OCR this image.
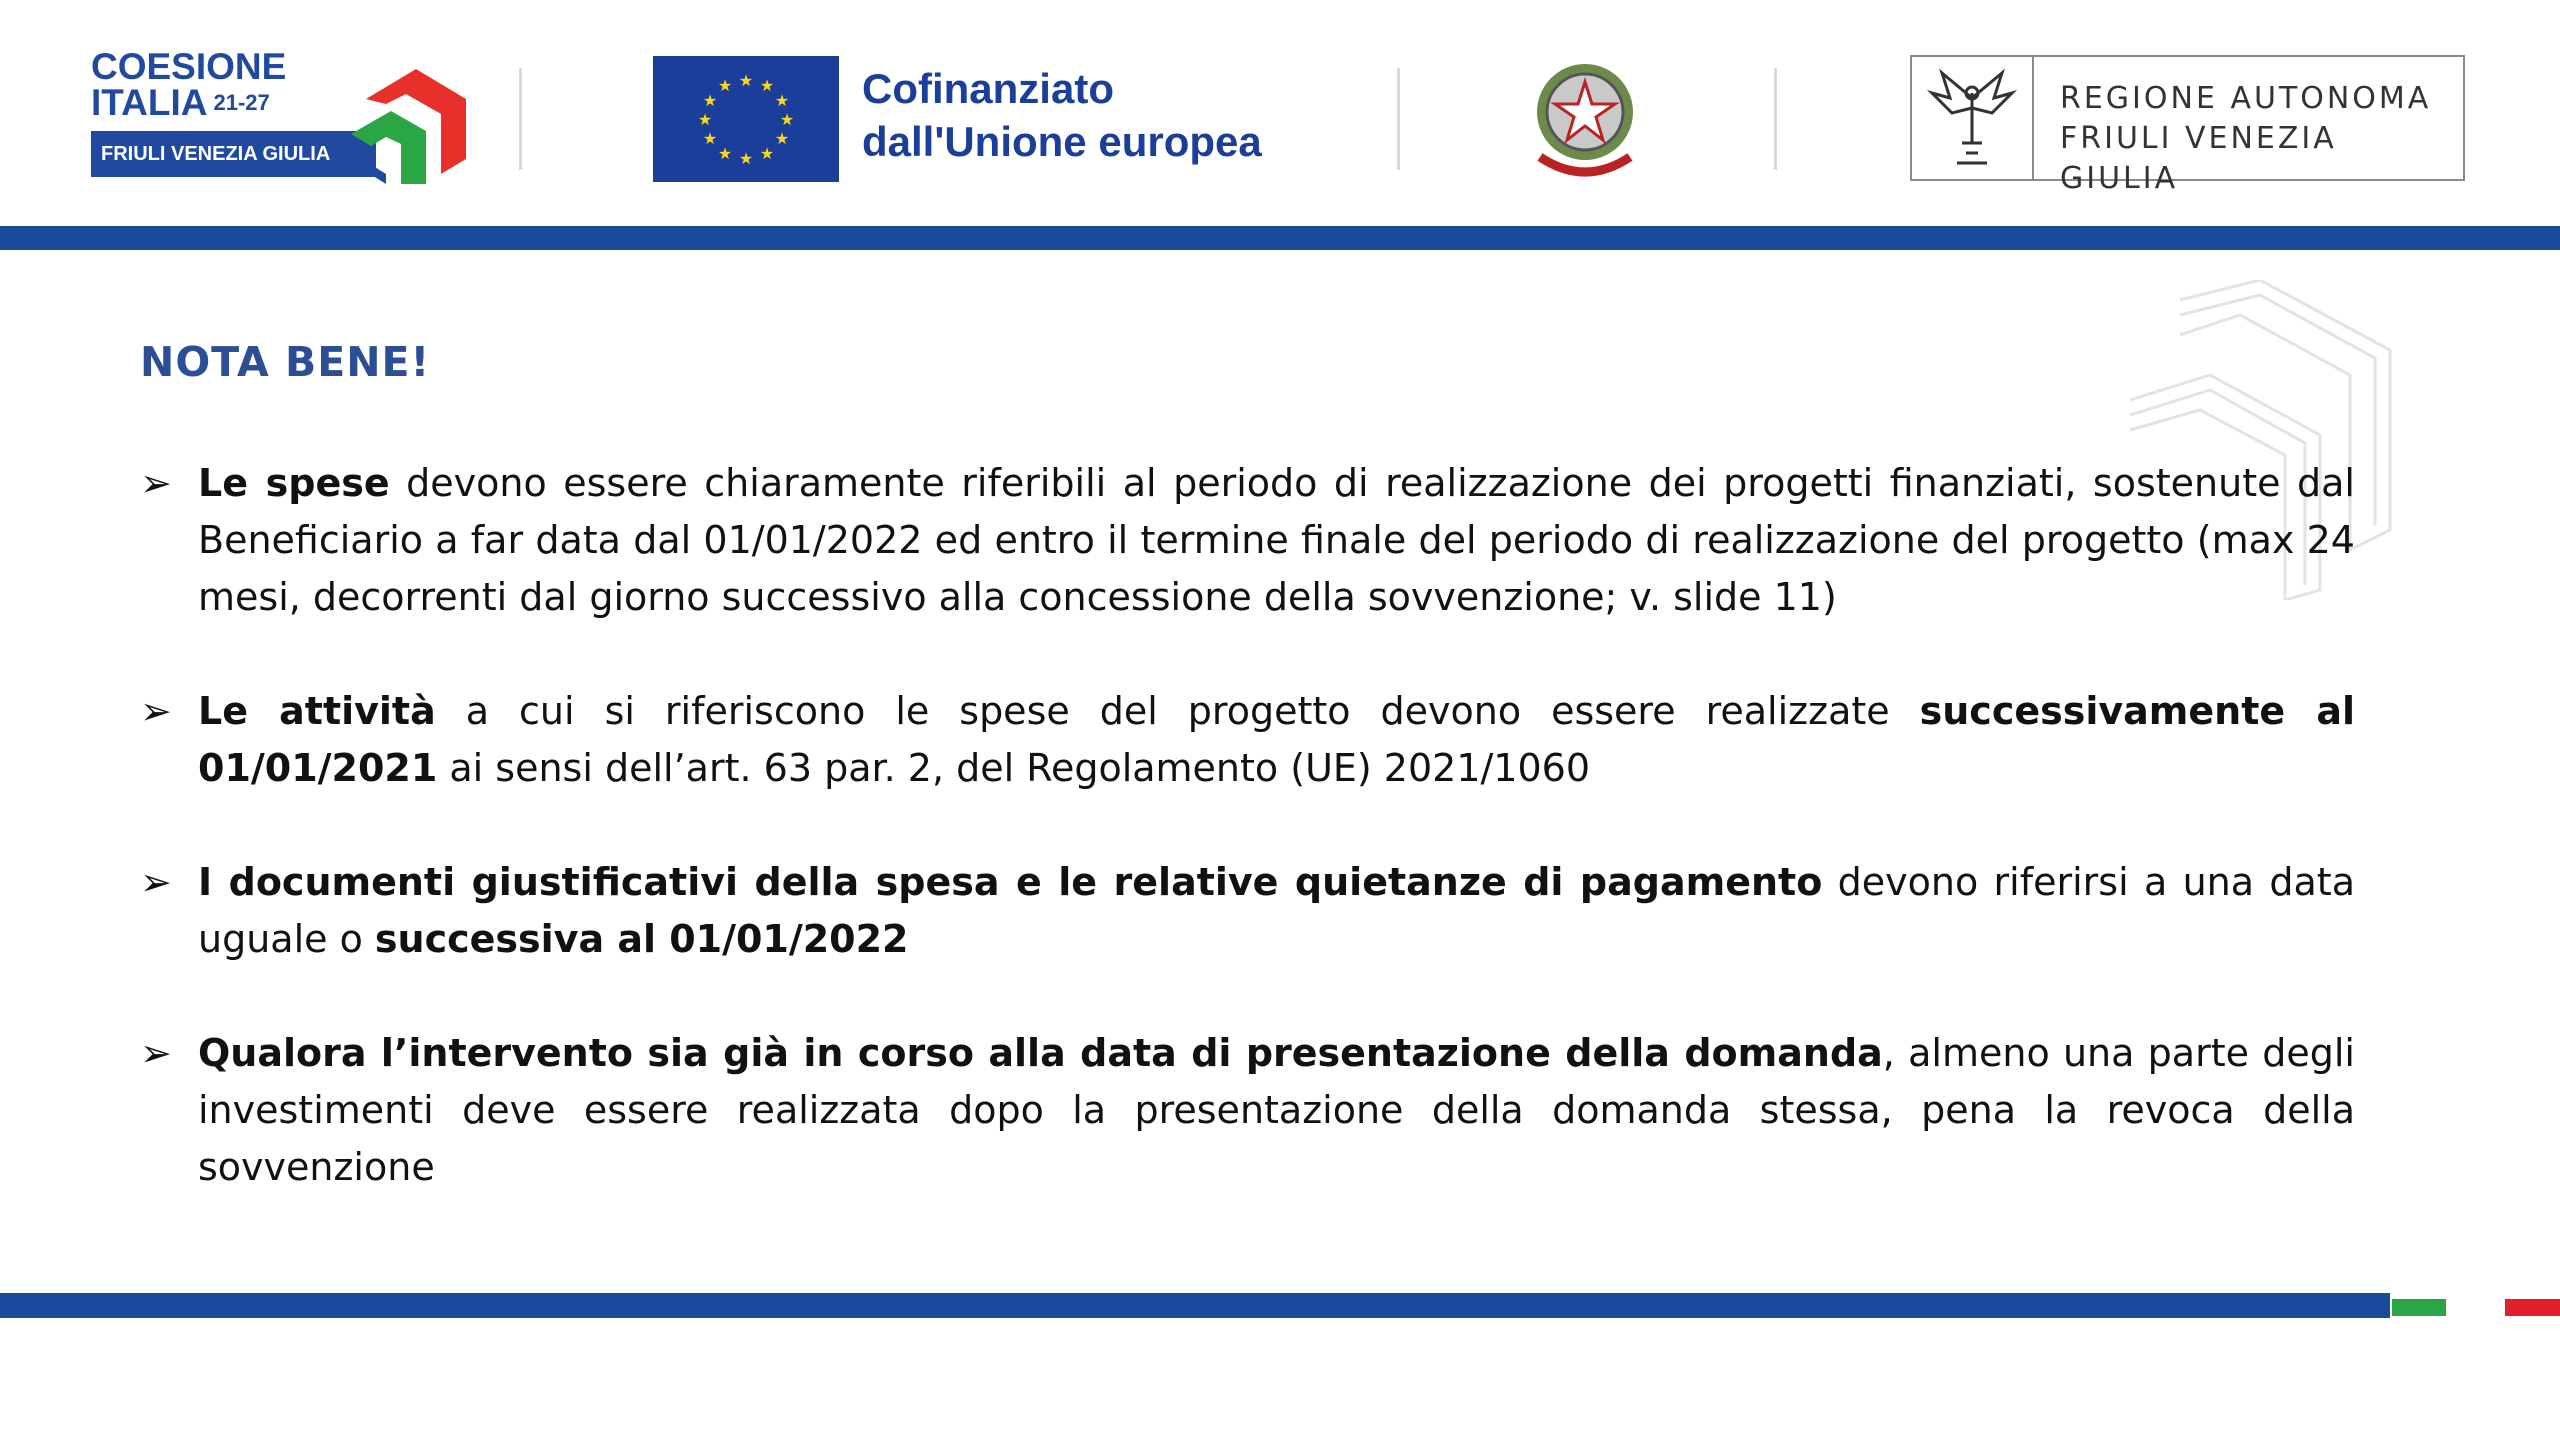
COESIONE
ITALIA $^{21-27}$
FRIULI VENEZIA GIULIA
★ ★
★
★
★
★
★
★
★
★
★
★	Cofinanziato
dall'Unione europea
REGIONE AUTONOMA
FRIULI VENEZIA GIULIA
NOTA BENE!
➢ Le spese devono essere chiaramente riferibili al periodo di realizzazione dei progetti finanziati, sostenute dal Beneficiario a far data dal 01/01/2022 ed entro il termine finale del periodo di realizzazione del progetto (max 24 mesi, decorrenti dal giorno successivo alla concessione della sovvenzione; v. slide 11)
➢ Le attività a cui si riferiscono le spese del progetto devono essere realizzate successivamente al 01/01/2021 ai sensi dell’art. 63 par. 2, del Regolamento (UE) 2021/1060
➢ I documenti giustificativi della spesa e le relative quietanze di pagamento devono riferirsi a una data uguale o successiva al 01/01/2022
➢ Qualora l’intervento sia già in corso alla data di presentazione della domanda, almeno una parte degli investimenti deve essere realizzata dopo la presentazione della domanda stessa, pena la revoca della sovvenzione
